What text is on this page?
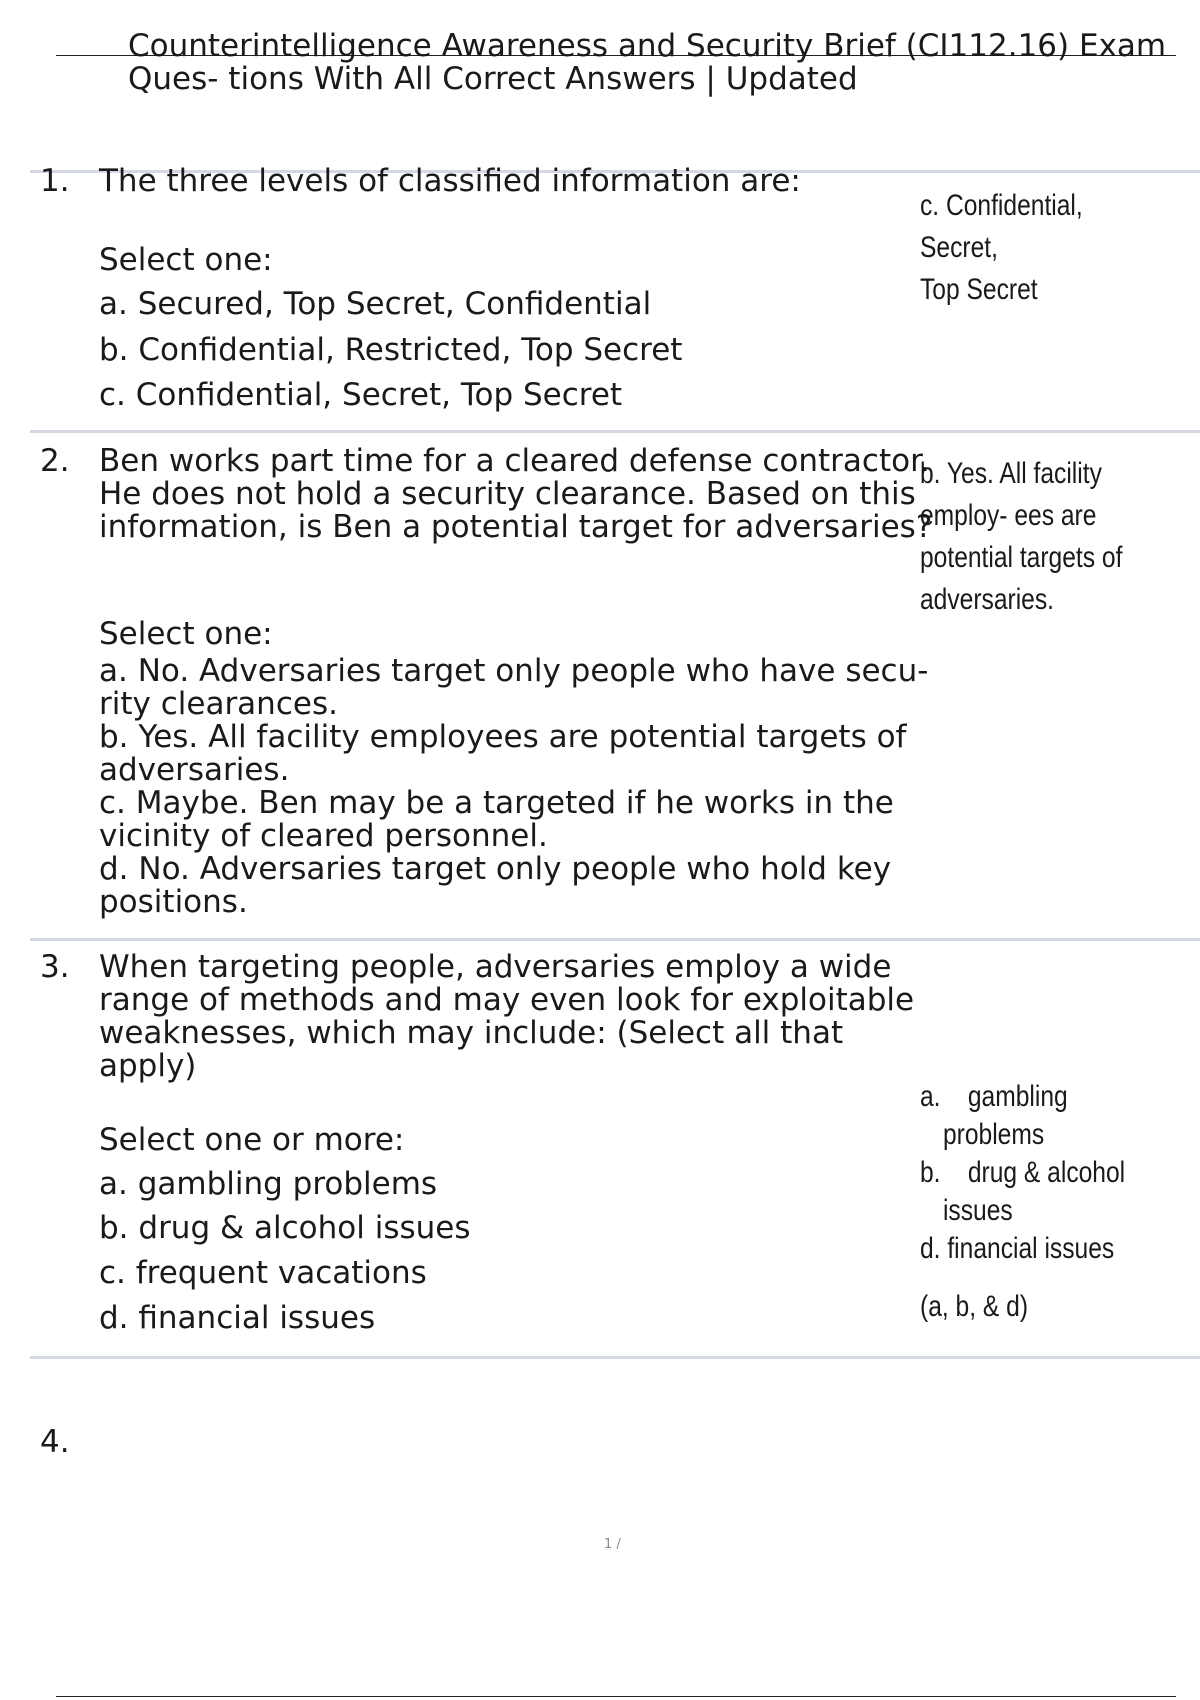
Counterintelligence Awareness and Security Brief (CI112.16) Exam Ques- tions With All Correct Answers | Updated
1. The three levels of classified information are:
Select one:
a. Secured, Top Secret, Confidential
b. Confidential, Restricted, Top Secret
c. Confidential, Secret, Top Secret
c. Confidential, Secret,
Top Secret
2. Ben works part time for a cleared defense contractor. He does not hold a security clearance. Based on this information, is Ben a potential target for adversaries?
Select one:
a. No. Adversaries target only people who have secu- rity clearances.
b. Yes. All facility employees are potential targets of adversaries.
c. Maybe. Ben may be a targeted if he works in the vicinity of cleared personnel.
d. No. Adversaries target only people who hold key positions.
b. Yes. All facility
employ- ees are
potential targets of
adversaries.
3. When targeting people, adversaries employ a wide range of methods and may even look for exploitable weaknesses, which may include: (Select all that apply)
Select one or more:
a. gambling problems
b. drug & alcohol issues
c. frequent vacations
d. financial issues
a.    gambling
problems
b.    drug & alcohol
issues
d. financial issues
(a, b, & d)
4.
1 /
